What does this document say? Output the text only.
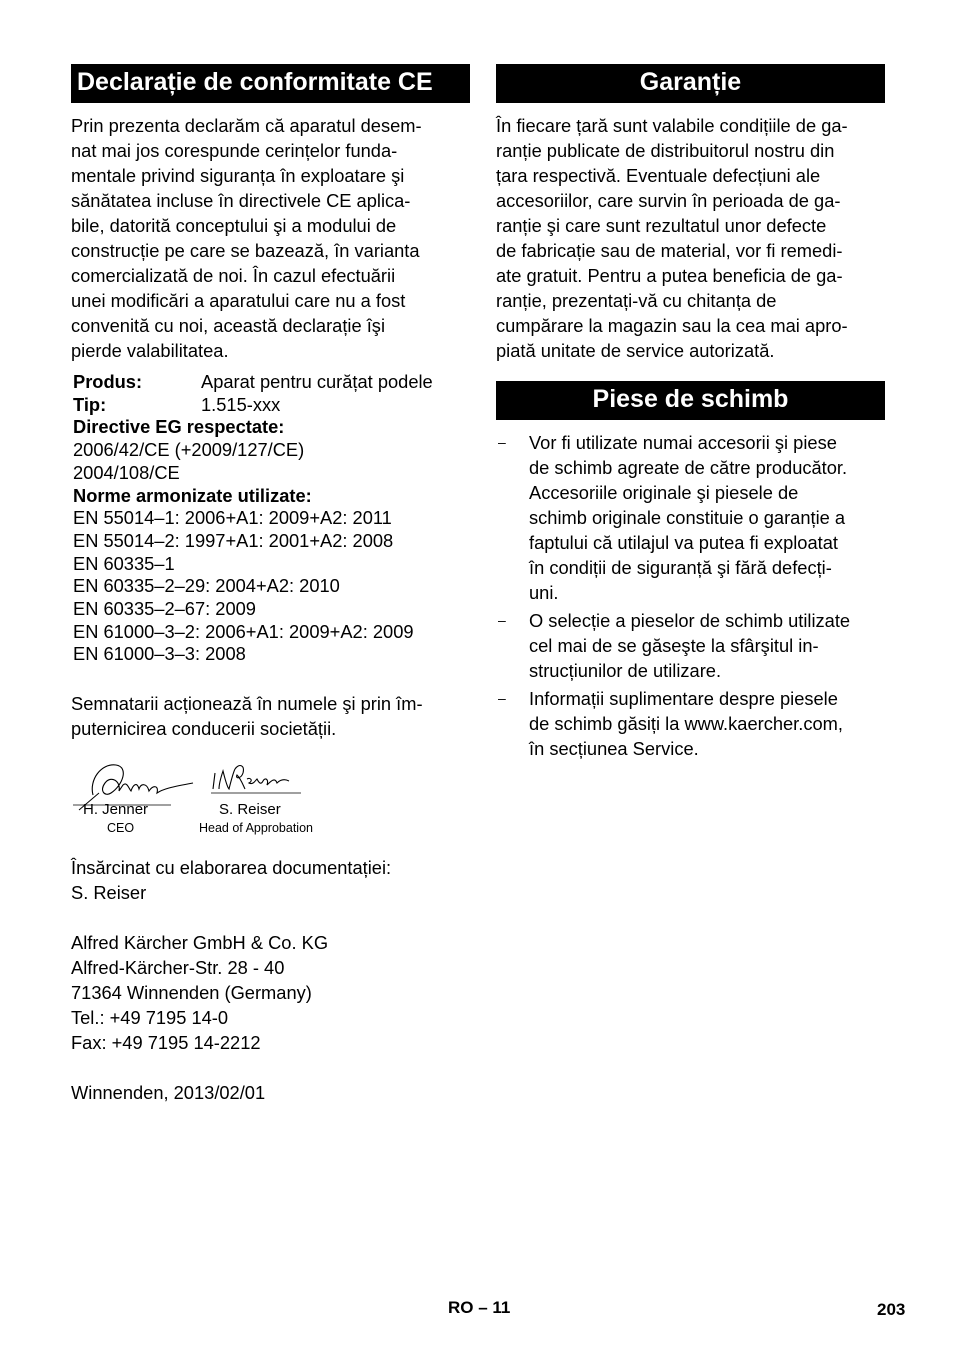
Declarație de conformitate CE

Prin prezenta declarăm că aparatul desem-
nat mai jos corespunde cerințelor funda-
mentale privind siguranța în exploatare şi
sănătatea incluse în directivele CE aplica-
bile, datorită conceptului şi a modului de
construcție pe care se bazează, în varianta
comercializată de noi. În cazul efectuării
unei modificări a aparatului care nu a fost
convenită cu noi, această declarație îşi
pierde valabilitatea.

Produs:	Aparat pentru curățat podele
Tip:	1.515-xxx
Directive EG respectate:
2006/42/CE (+2009/127/CE)
2004/108/CE
Norme armonizate utilizate:
EN 55014–1: 2006+A1: 2009+A2: 2011
EN 55014–2: 1997+A1: 2001+A2: 2008
EN 60335–1
EN 60335–2–29: 2004+A2: 2010
EN 60335–2–67: 2009
EN 61000–3–2: 2006+A1: 2009+A2: 2009
EN 61000–3–3: 2008

Semnatarii acționează în numele şi prin îm-
puternicirea conducerii societății.

H. Jenner
CEO
S. Reiser
Head of Approbation

Însărcinat cu elaborarea documentației:
S. Reiser

Alfred Kärcher GmbH & Co. KG
Alfred-Kärcher-Str. 28 - 40
71364 Winnenden (Germany)
Tel.: +49 7195 14-0
Fax: +49 7195 14-2212

Winnenden, 2013/02/01

Garanție

În fiecare țară sunt valabile condițiile de ga-
ranție publicate de distribuitorul nostru din
țara respectivă. Eventuale defecțiuni ale
accesoriilor, care survin în perioada de ga-
ranție şi care sunt rezultatul unor defecte
de fabricație sau de material, vor fi remedi-
ate gratuit. Pentru a putea beneficia de ga-
ranție, prezentați-vă cu chitanța de
cumpărare la magazin sau la cea mai apro-
piată unitate de service autorizată.

Piese de schimb
–	Vor fi utilizate numai accesorii şi piese
de schimb agreate de către producător.
Accesoriile originale şi piesele de
schimb originale constituie o garanție a
faptului că utilajul va putea fi exploatat
în condiții de siguranță şi fără defecți-
uni.
–	O selecție a pieselor de schimb utilizate
cel mai de se găseşte la sfârşitul in-
strucțiunilor de utilizare.
–	Informații suplimentare despre piesele
de schimb găsiți la www.kaercher.com,
în secțiunea Service.
RO – 11	203
